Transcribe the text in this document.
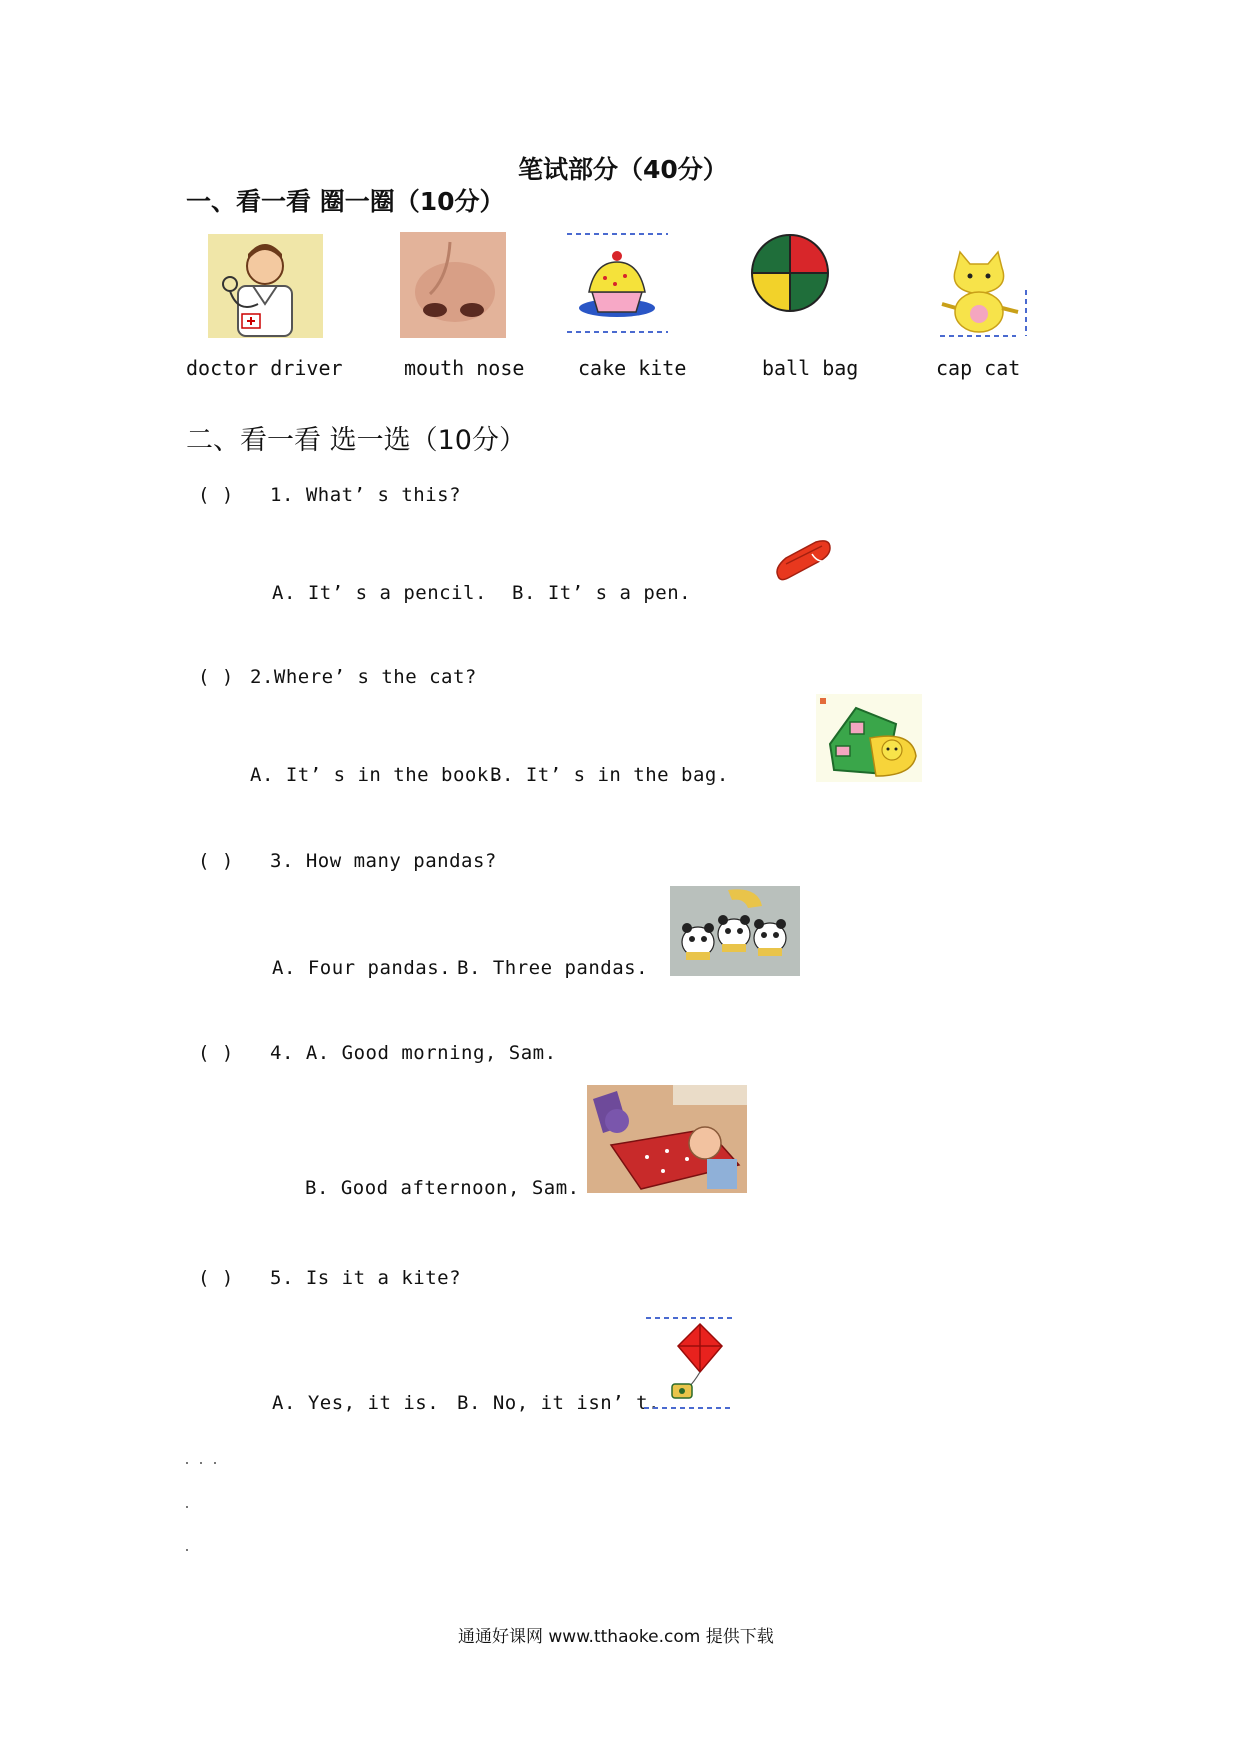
笔试部分（40分）
一、看一看 圈一圈（10分）
doctor driver	mouth nose	cake kite	ball bag	cap cat
二、看一看 选一选（10分）
( ) 1. What’ s this?
A. It’ s a pencil. B. It’ s a pen.
( ) 2.Where’ s the cat?
A. It’ s in the book.
B. It’ s in the bag.
( ) 3. How many pandas?
A. Four pandas. B. Three pandas.
( ) 4. A. Good morning, Sam.
B. Good afternoon, Sam.
( ) 5. Is it a kite?
A. Yes, it is. B. No, it isn’ t.
通通好课网 www.tthaoke.com 提供下载
